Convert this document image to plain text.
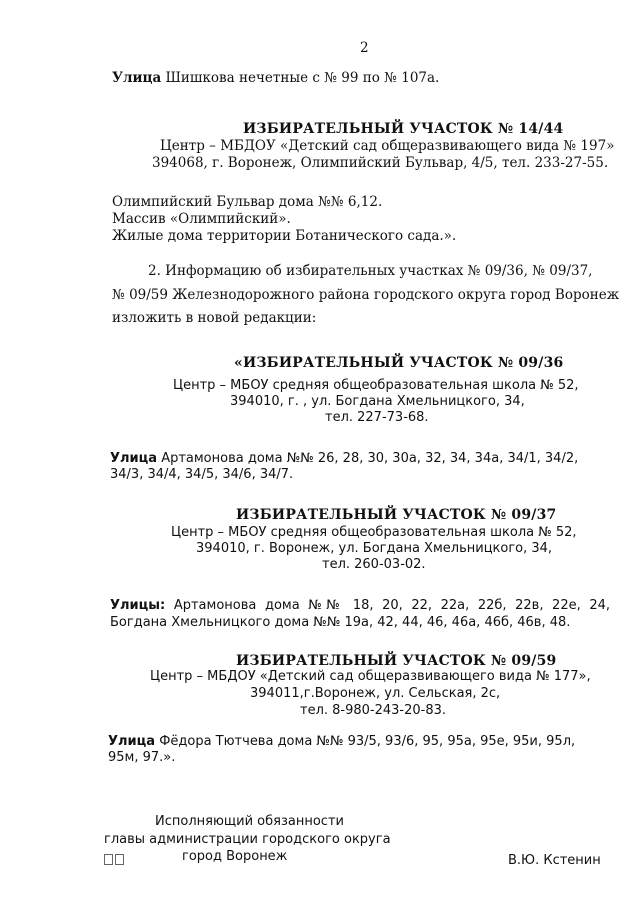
2
Улица Шишкова нечетные с № 99 по № 107а.
ИЗБИРАТЕЛЬНЫЙ УЧАСТОК № 14/44
Центр – МБДОУ «Детский сад общеразвивающего вида № 197»
394068, г. Воронеж, Олимпийский Бульвар, 4/5, тел. 233-27-55.
Олимпийский Бульвар дома №№ 6,12.
Массив «Олимпийский».
Жилые дома территории Ботанического сада.».
2. Информацию об избирательных участках № 09/36, № 09/37,
№ 09/59 Железнодорожного района городского округа город Воронеж
изложить в новой редакции:
«ИЗБИРАТЕЛЬНЫЙ УЧАСТОК № 09/36
Центр – МБОУ средняя общеобразовательная школа № 52,
394010, г. , ул. Богдана Хмельницкого, 34,
тел. 227-73-68.
Улица Артамонова дома №№ 26, 28, 30, 30а, 32, 34, 34а, 34/1, 34/2,
34/3, 34/4, 34/5, 34/6, 34/7.
ИЗБИРАТЕЛЬНЫЙ УЧАСТОК № 09/37
Центр – МБОУ средняя общеобразовательная школа № 52,
394010, г. Воронеж, ул. Богдана Хмельницкого, 34,
тел. 260-03-02.
Улицы: Артамонова дома №№ 18, 20, 22, 22а, 22б, 22в, 22е, 24,
Богдана Хмельницкого дома №№ 19а, 42, 44, 46, 46а, 46б, 46в, 48.
ИЗБИРАТЕЛЬНЫЙ УЧАСТОК № 09/59
Центр – МБДОУ «Детский сад общеразвивающего вида № 177»,
394011,г.Воронеж, ул. Сельская, 2с,
тел. 8-980-243-20-83.
Улица Фёдора Тютчева дома №№ 93/5, 93/6, 95, 95а, 95е, 95и, 95л,
95м, 97.».
Исполняющий обязанности
главы администрации городского округа
город Воронеж	В.Ю. Кстенин
